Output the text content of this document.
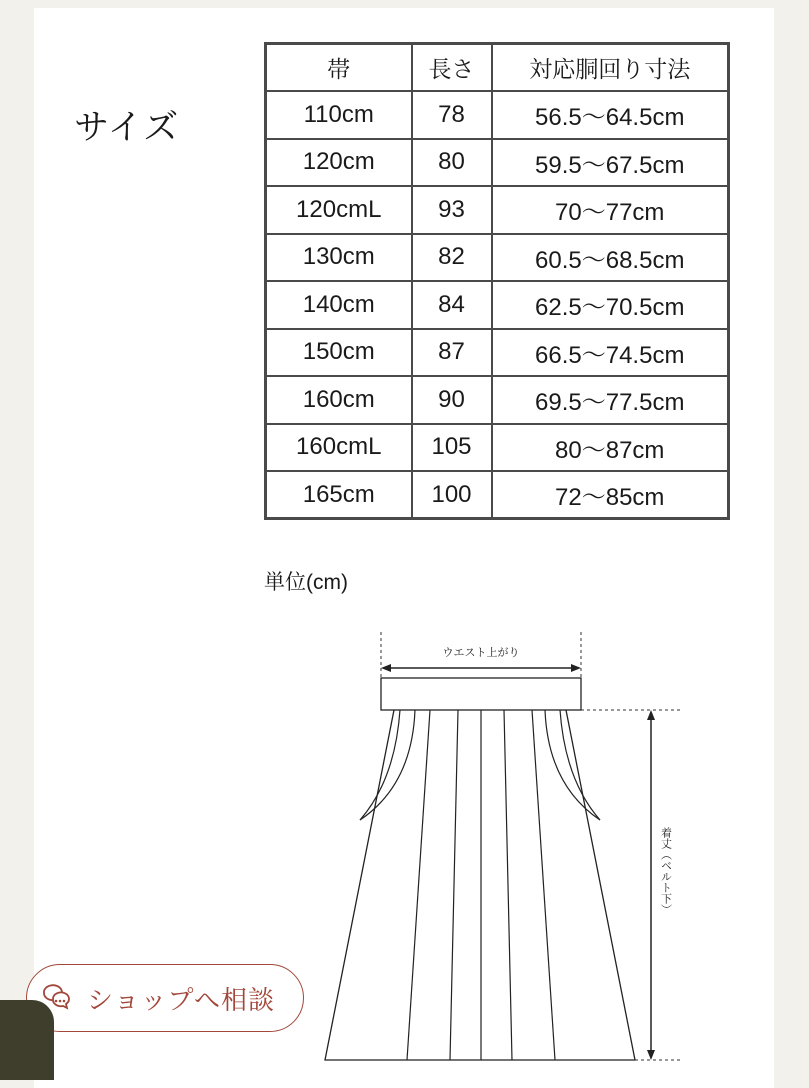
サイズ
帯	長さ	対応胴回り寸法
110cm	78	56.5〜64.5cm
120cm	80	59.5〜67.5cm
120cmL	93	70〜77cm
130cm	82	60.5〜68.5cm
140cm	84	62.5〜70.5cm
150cm	87	66.5〜74.5cm
160cm	90	69.5〜77.5cm
160cmL	105	80〜87cm
165cm	100	72〜85cm
単位(cm)
ウエスト上がり
着丈（ベルト下）
ショップへ相談
